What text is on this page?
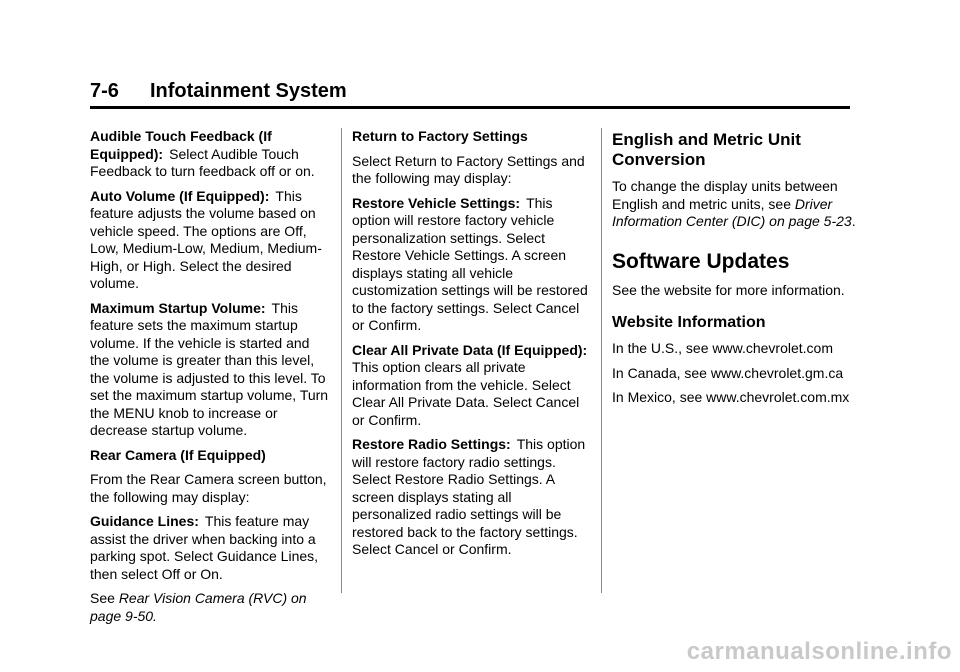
7-6 Infotainment System

Audible Touch Feedback (If Equipped): Select Audible Touch Feedback to turn feedback off or on.

Auto Volume (If Equipped): This feature adjusts the volume based on vehicle speed. The options are Off, Low, Medium-Low, Medium, Medium-High, or High. Select the desired volume.

Maximum Startup Volume: This feature sets the maximum startup volume. If the vehicle is started and the volume is greater than this level, the volume is adjusted to this level. To set the maximum startup volume, Turn the MENU knob to increase or decrease startup volume.

Rear Camera (If Equipped)

From the Rear Camera screen button, the following may display:

Guidance Lines: This feature may assist the driver when backing into a parking spot. Select Guidance Lines, then select Off or On.

See Rear Vision Camera (RVC) on page 9-50.

Return to Factory Settings

Select Return to Factory Settings and the following may display:

Restore Vehicle Settings: This option will restore factory vehicle personalization settings. Select Restore Vehicle Settings. A screen displays stating all vehicle customization settings will be restored to the factory settings. Select Cancel or Confirm.

Clear All Private Data (If Equipped):This option clears all private information from the vehicle. Select Clear All Private Data. Select Cancel or Confirm.

Restore Radio Settings: This option will restore factory radio settings. Select Restore Radio Settings. A screen displays stating all personalized radio settings will be restored back to the factory settings. Select Cancel or Confirm.

English and Metric Unit Conversion

To change the display units between English and metric units, see Driver Information Center (DIC) on page 5-23.

Software Updates

See the website for more information.

Website Information

In the U.S., see www.chevrolet.com

In Canada, see www.chevrolet.gm.ca

In Mexico, see www.chevrolet.com.mx

carmanualsonline.info
